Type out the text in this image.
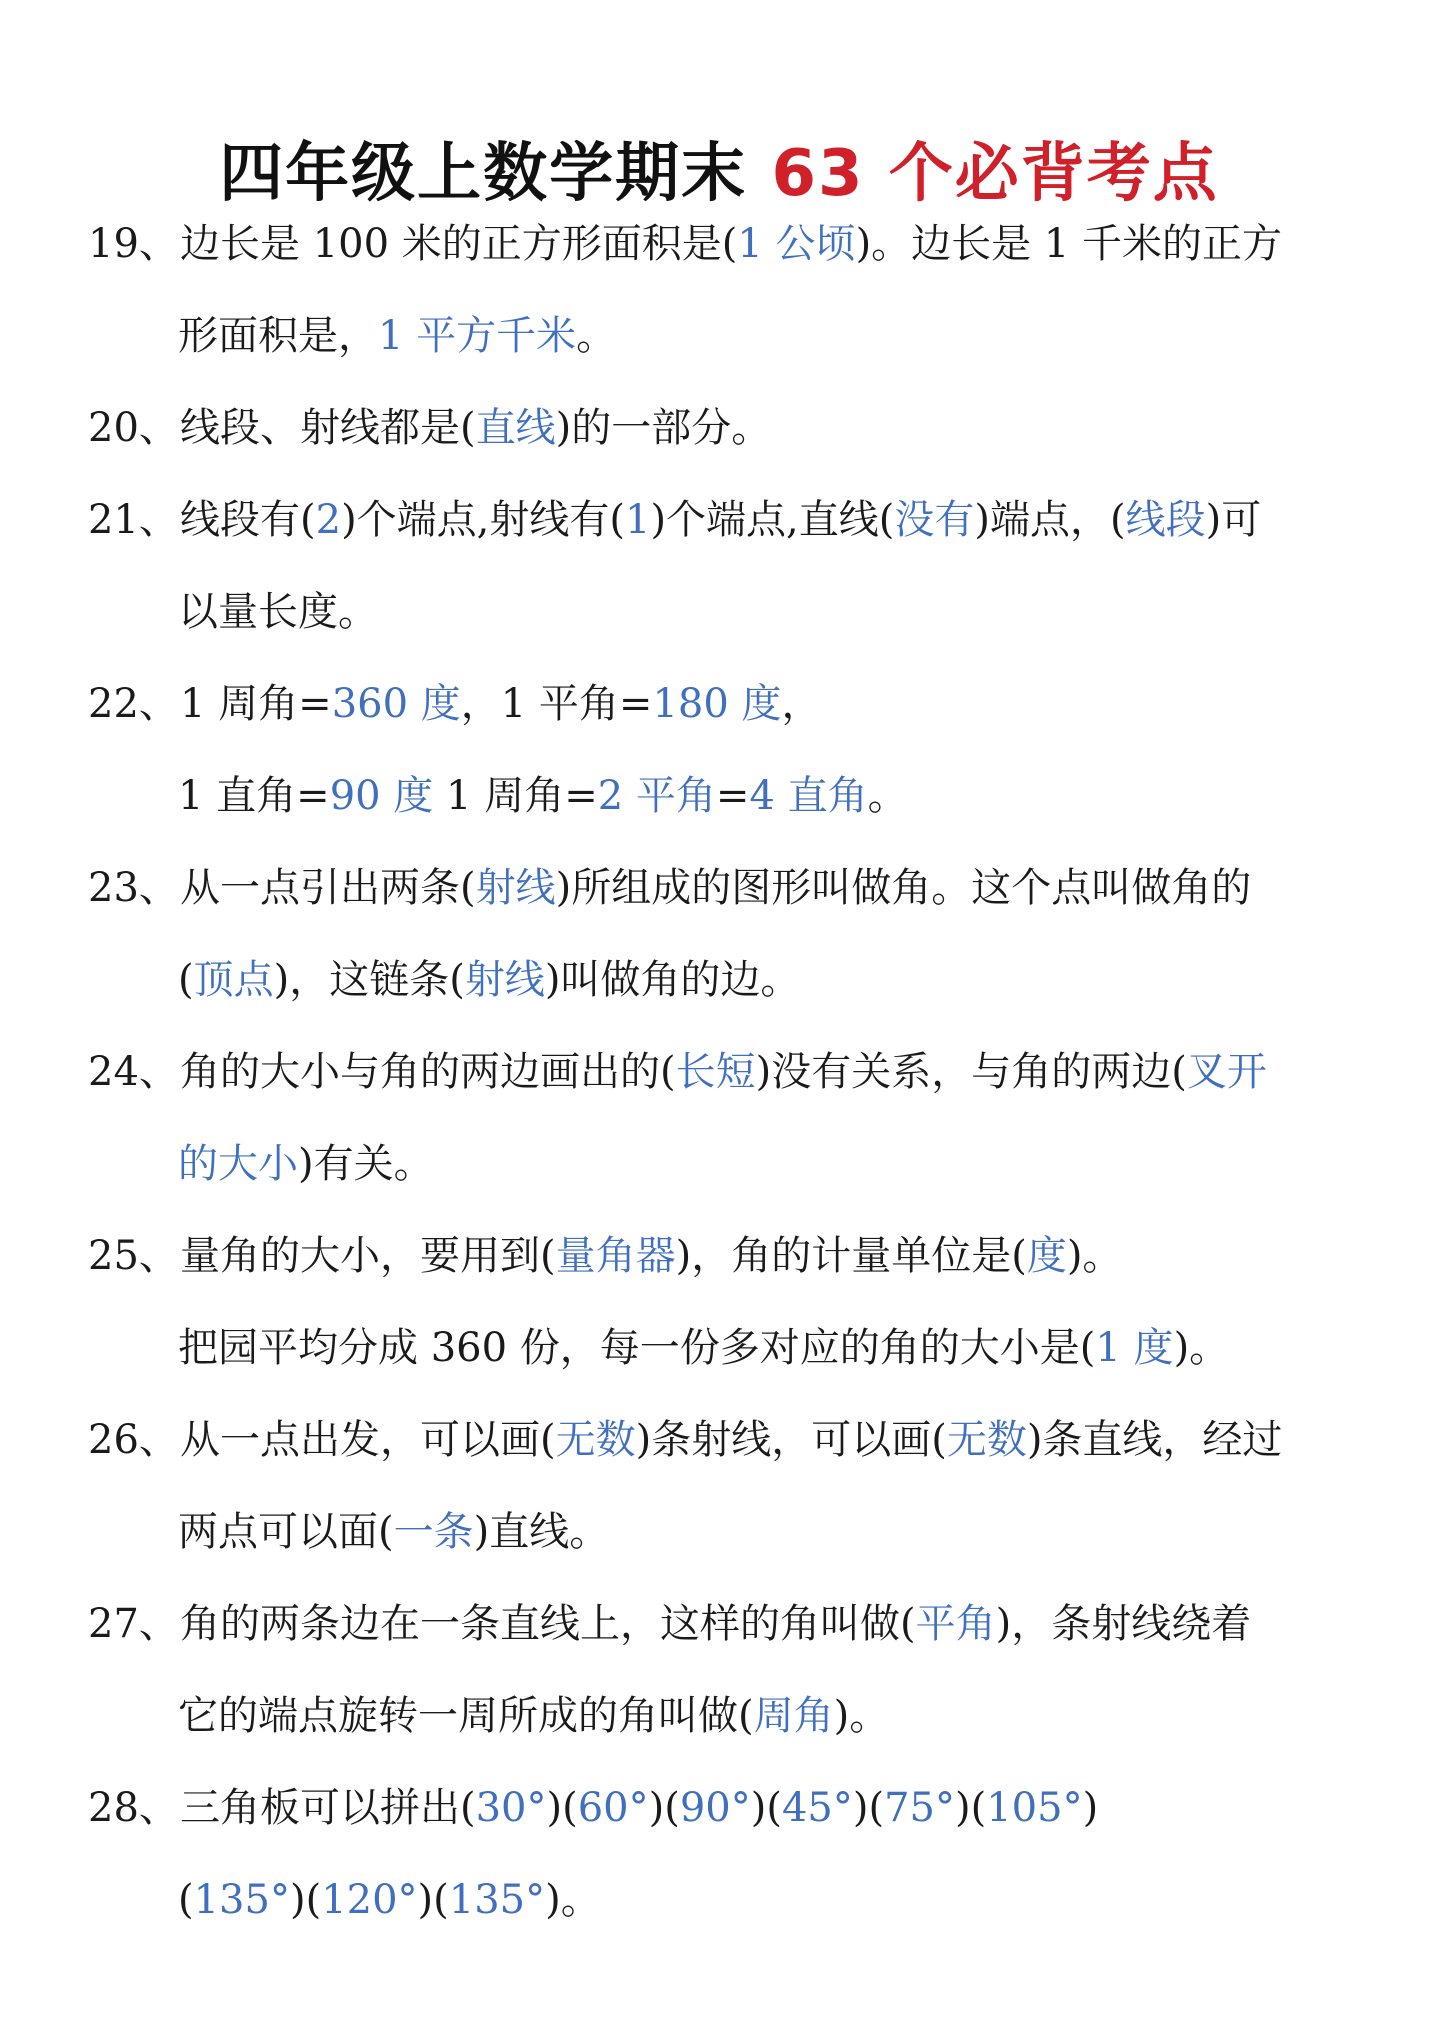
四年级上数学期末 63 个必背考点
19、边长是 100 米的正方形面积是(1 公顷)。边长是 1 千米的正方
形面积是，1 平方千米。
20、线段、射线都是(直线)的一部分。
21、线段有(2)个端点,射线有(1)个端点,直线(没有)端点，(线段)可
以量长度。
22、1 周角=360 度，1 平角=180 度，
1 直角=90 度 1 周角=2 平角=4 直角。
23、从一点引出两条(射线)所组成的图形叫做角。这个点叫做角的
(顶点)，这链条(射线)叫做角的边。
24、角的大小与角的两边画出的(长短)没有关系，与角的两边(叉开
的大小)有关。
25、量角的大小，要用到(量角器)，角的计量单位是(度)。
把园平均分成 360 份，每一份多对应的角的大小是(1 度)。
26、从一点出发，可以画(无数)条射线，可以画(无数)条直线，经过
两点可以面(一条)直线。
27、角的两条边在一条直线上，这样的角叫做(平角)，条射线绕着
它的端点旋转一周所成的角叫做(周角)。
28、三角板可以拼出(30°)(60°)(90°)(45°)(75°)(105°)
(135°)(120°)(135°)。
